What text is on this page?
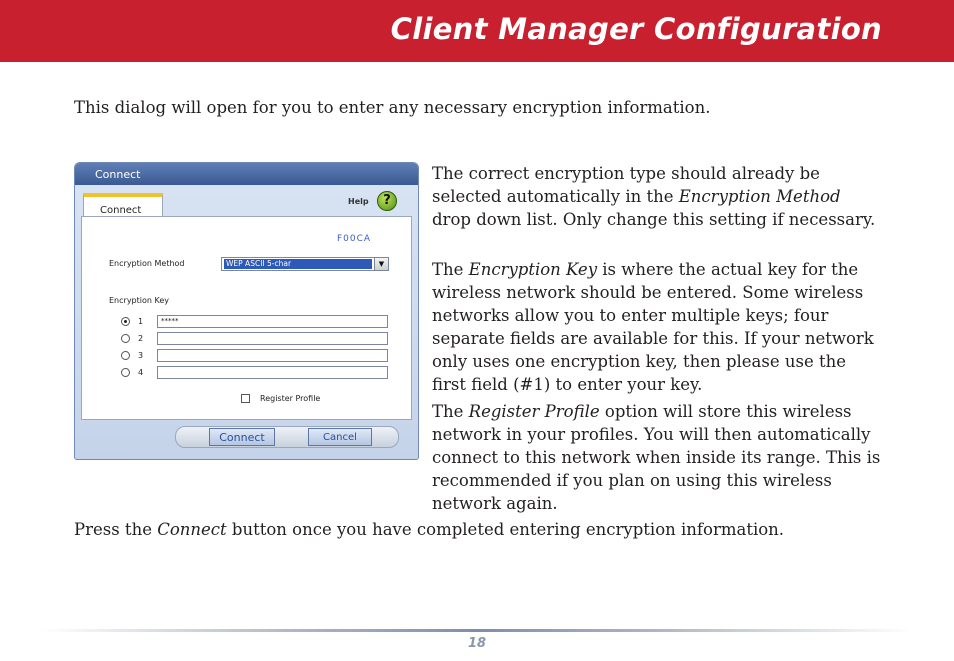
Client Manager Configuration
This dialog will open for you to enter any necessary encryption information.
Connect
Connect
Help	?
F00CA
Encryption Method	WEP ASCII 5-char	▼
Encryption Key
1	*****
2
3
4
Register Profile
Connect	Cancel
The correct encryption type should already be selected automatically in the Encryption Method drop down list. Only change this setting if necessary.
The Encryption Key is where the actual key for the wireless network should be entered. Some wireless networks allow you to enter multiple keys; four separate fields are available for this. If your network only uses one encryption key, then please use the first field (#1) to enter your key.
The Register Profile option will store this wireless network in your profiles. You will then automatically connect to this network when inside its range. This is recommended if you plan on using this wireless network again.
Press the Connect button once you have completed entering encryption information.
18
